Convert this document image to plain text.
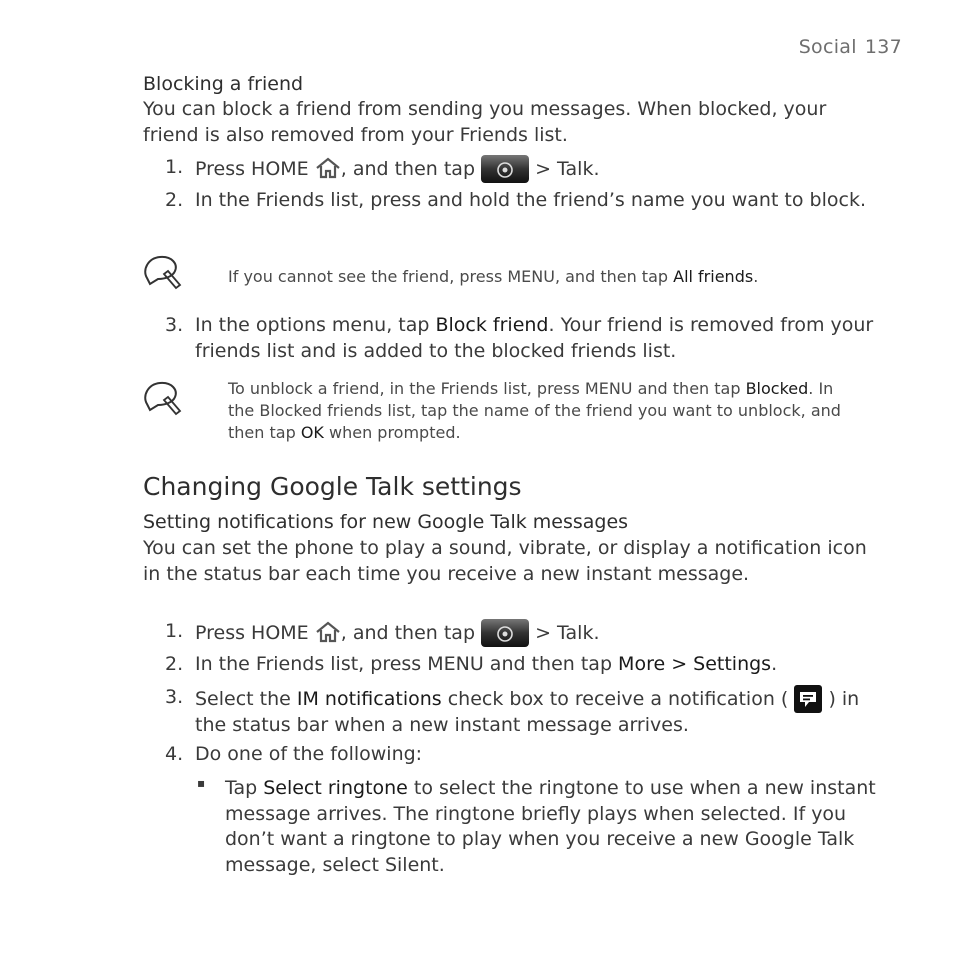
Social 137
Blocking a friend
You can block a friend from sending you messages. When blocked, your friend is also removed from your Friends list.
1. Press HOME , and then tap	> Talk.
2. In the Friends list, press and hold the friend’s name you want to block.
If you cannot see the friend, press MENU, and then tap All friends.
3. In the options menu, tap Block friend. Your friend is removed from your friends list and is added to the blocked friends list.
To unblock a friend, in the Friends list, press MENU and then tap Blocked. In the Blocked friends list, tap the name of the friend you want to unblock, and then tap OK when prompted.
Changing Google Talk settings
Setting notifications for new Google Talk messages
You can set the phone to play a sound, vibrate, or display a notification icon in the status bar each time you receive a new instant message.
1. Press HOME , and then tap	> Talk.
2. In the Friends list, press MENU and then tap More > Settings.
3. Select the IM notifications check box to receive a notification ( ) in the status bar when a new instant message arrives.
4. Do one of the following:
▪ Tap Select ringtone to select the ringtone to use when a new instant message arrives. The ringtone briefly plays when selected. If you don’t want a ringtone to play when you receive a new Google Talk message, select Silent.
